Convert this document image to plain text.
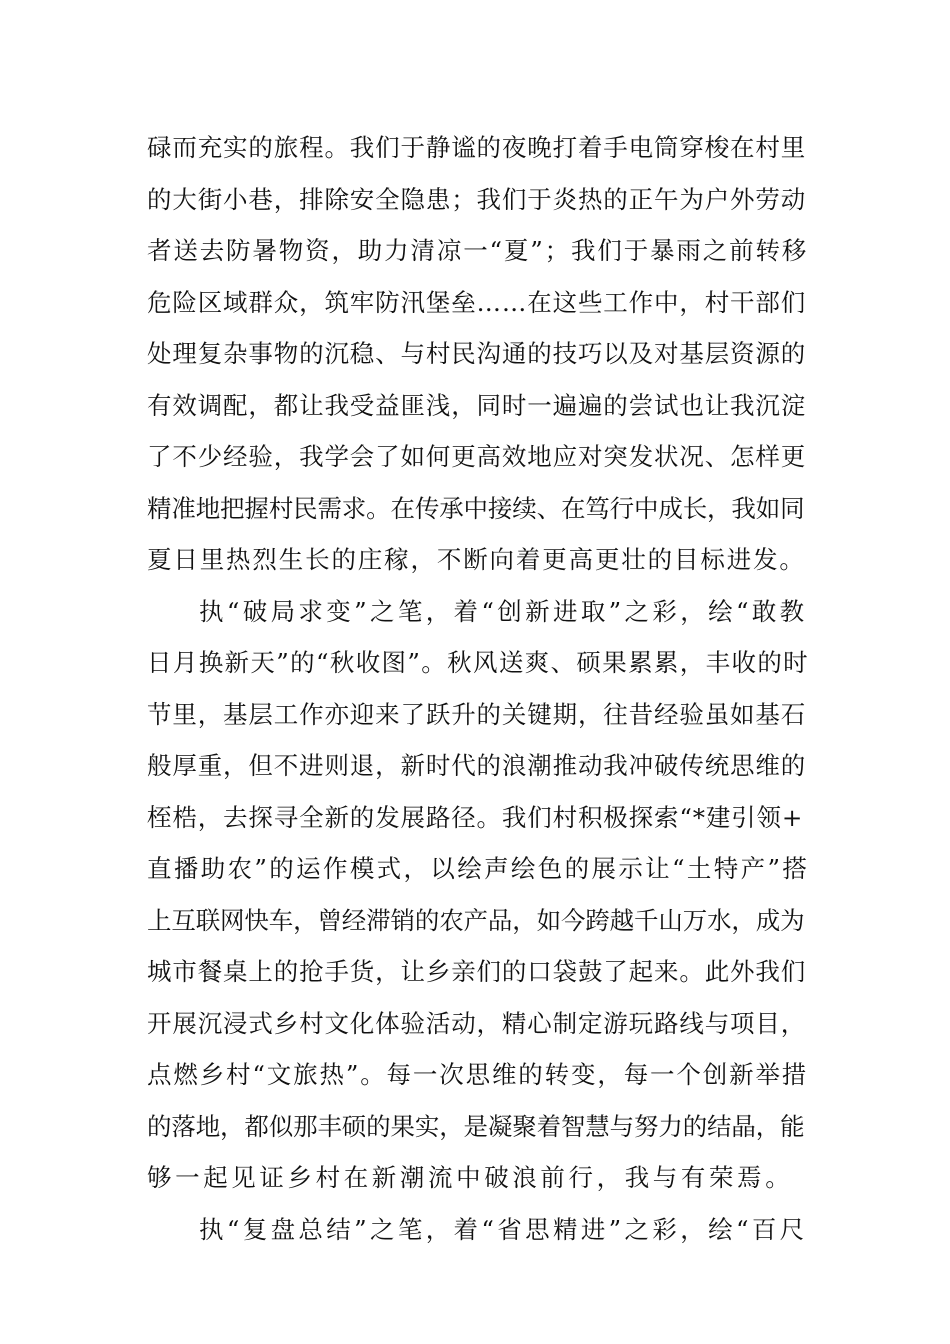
碌而充实的旅程。我们于静谧的夜晚打着手电筒穿梭在村里
的大街小巷，排除安全隐患；我们于炎热的正午为户外劳动
者送去防暑物资，助力清凉一“夏”；我们于暴雨之前转移
危险区域群众，筑牢防汛堡垒……在这些工作中，村干部们
处理复杂事物的沉稳、与村民沟通的技巧以及对基层资源的
有效调配，都让我受益匪浅，同时一遍遍的尝试也让我沉淀
了不少经验，我学会了如何更高效地应对突发状况、怎样更
精准地把握村民需求。在传承中接续、在笃行中成长，我如同
夏日里热烈生长的庄稼，不断向着更高更壮的目标进发。
执“破局求变”之笔，着“创新进取”之彩，绘“敢教
日月换新天”的“秋收图”。秋风送爽、硕果累累，丰收的时
节里，基层工作亦迎来了跃升的关键期，往昔经验虽如基石
般厚重，但不进则退，新时代的浪潮推动我冲破传统思维的
桎梏，去探寻全新的发展路径。我们村积极探索“*建引领+
直播助农”的运作模式，以绘声绘色的展示让“土特产”搭
上互联网快车，曾经滞销的农产品，如今跨越千山万水，成为
城市餐桌上的抢手货，让乡亲们的口袋鼓了起来。此外我们
开展沉浸式乡村文化体验活动，精心制定游玩路线与项目，
点燃乡村“文旅热”。每一次思维的转变，每一个创新举措
的落地，都似那丰硕的果实，是凝聚着智慧与努力的结晶，能
够一起见证乡村在新潮流中破浪前行，我与有荣焉。
执“复盘总结”之笔，着“省思精进”之彩，绘“百尺
